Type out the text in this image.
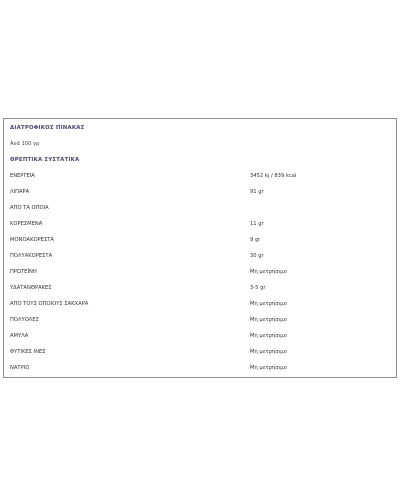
ΔΙΑΤΡΟΦΙΚΟΣ ΠΙΝΑΚΑΣ
Ανά 100 γρ
ΘΡΕΠΤΙΚΑ ΣΥΣΤΑΤΙΚΑ
ΕΝΕΡΓΕΙΑ	3452 kj / 839 kcal
ΛΙΠΑΡΑ	91 gr
ΑΠΟ ΤΑ ΟΠΟΙΑ
ΚΟΡΕΣΜΕΝΑ	11 gr
ΜΟΝΟΑΚΟΡΕΣΤΑ	9 gr
ΠΟΛΥΑΚΟΡΕΣΤΑ	30 gr
ΠΡΩΤΕΪΝΗ	Μη μετρήσιμο
ΥΔΑΤΑΝΘΡΑΚΕΣ	3-5 gr
ΑΠΟ ΤΟΥΣ ΟΠΟΙΟΥΣ ΣΑΚΧΑΡΑ	Μη μετρήσιμο
ΠΟΛΥΟΛΕΣ	Μη μετρήσιμο
ΑΜΥΛΑ	Μη μετρήσιμο
ΦΥΤΙΚΕΣ ΙΝΕΣ	Μη μετρήσιμο
ΝΑΤΡΙΟ	Μη μετρήσιμο
